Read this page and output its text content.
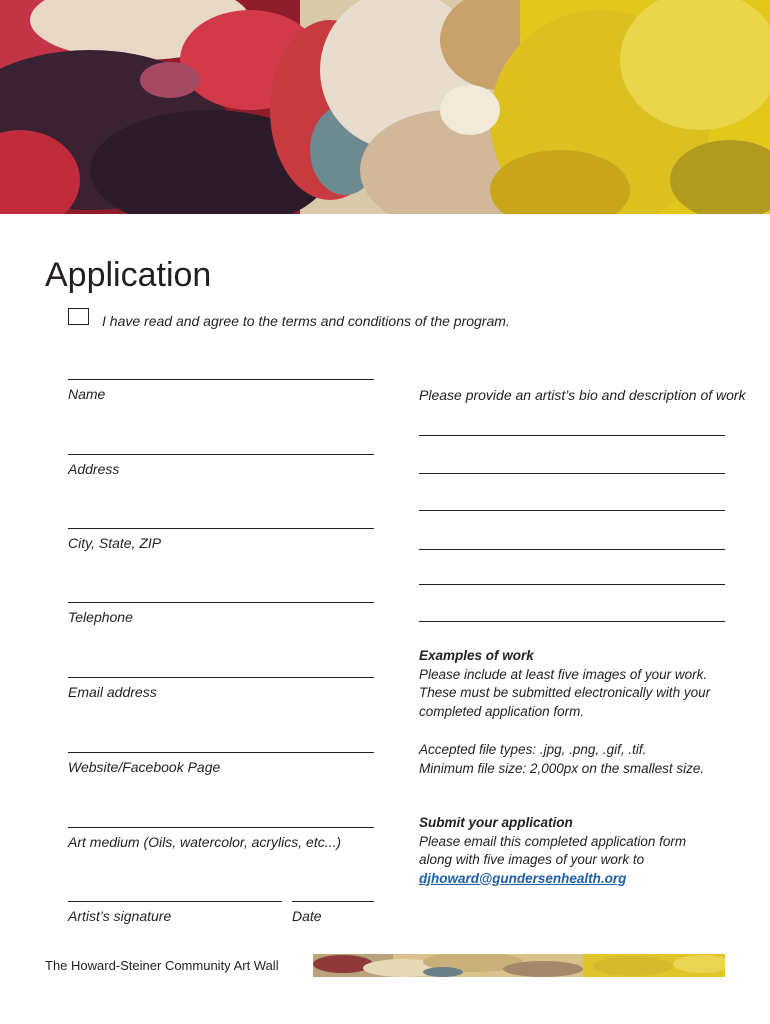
Application
I have read and agree to the terms and conditions of the program.
Name
Address
City, State, ZIP
Telephone
Email address
Website/Facebook Page
Art medium (Oils, watercolor, acrylics, etc...)
Artist’s signature	Date
Please provide an artist’s bio and description of work
Examples of work
Please include at least five images of your work.
These must be submitted electronically with your
completed application form.
Accepted file types: .jpg, .png, .gif, .tif.
Minimum file size: 2,000px on the smallest size.
Submit your application
Please email this completed application form
along with five images of your work to
djhoward@gundersenhealth.org
The Howard-Steiner Community Art Wall
